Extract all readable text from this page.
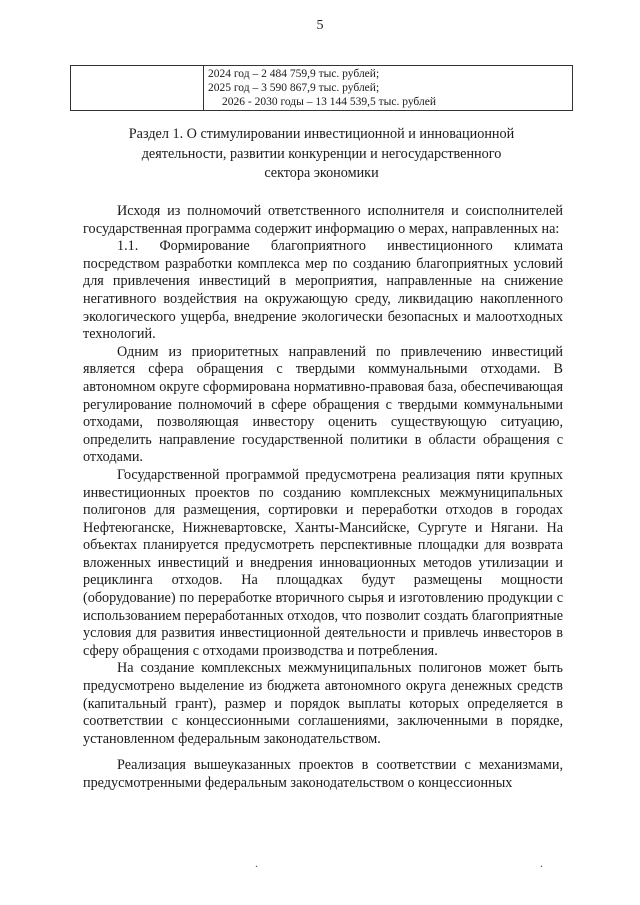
5

2024 год – 2 484 759,9 тыс. рублей;
2025 год – 3 590 867,9 тыс. рублей;
2026 - 2030 годы – 13 144 539,5 тыс. рублей
Раздел 1. О стимулировании инвестиционной и инновационной
деятельности, развитии конкуренции и негосударственного
сектора экономики

Исходя из полномочий ответственного исполнителя и соисполнителей государственная программа содержит информацию о мерах, направленных на:

1.1. Формирование благоприятного инвестиционного климата посредством разработки комплекса мер по созданию благоприятных условий для привлечения инвестиций в мероприятия, направленные на снижение негативного воздействия на окружающую среду, ликвидацию накопленного экологического ущерба, внедрение экологически безопасных и малоотходных технологий.

Одним из приоритетных направлений по привлечению инвестиций является сфера обращения с твердыми коммунальными отходами. В автономном округе сформирована нормативно-правовая база, обеспечивающая регулирование полномочий в сфере обращения с твердыми коммунальными отходами, позволяющая инвестору оценить существующую ситуацию, определить направление государственной политики в области обращения с отходами.

Государственной программой предусмотрена реализация пяти крупных инвестиционных проектов по созданию комплексных межмуниципальных полигонов для размещения, сортировки и переработки отходов в городах Нефтеюганске, Нижневартовске, Ханты-Мансийске, Сургуте и Нягани. На объектах планируется предусмотреть перспективные площадки для возврата вложенных инвестиций и внедрения инновационных методов утилизации и рециклинга отходов. На площадках будут размещены мощности (оборудование) по переработке вторичного сырья и изготовлению продукции с использованием переработанных отходов, что позволит создать благоприятные условия для развития инвестиционной деятельности и привлечь инвесторов в сферу обращения с отходами производства и потребления.

На создание комплексных межмуниципальных полигонов может быть предусмотрено выделение из бюджета автономного округа денежных средств (капитальный грант), размер и порядок выплаты которых определяется в соответствии с концессионными соглашениями, заключенными в порядке, установленном федеральным законодательством.

Реализация вышеуказанных проектов в соответствии с механизмами, предусмотренными федеральным законодательством о концессионных

.	.
